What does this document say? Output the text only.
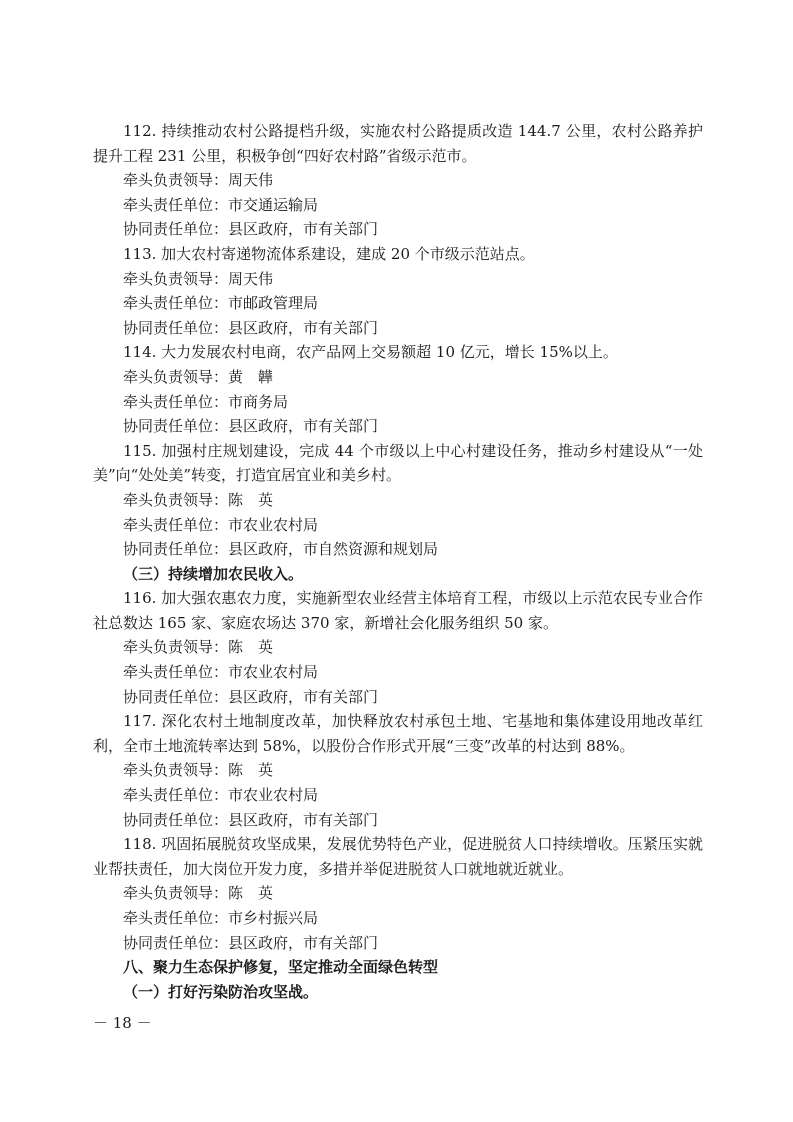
112. 持续推动农村公路提档升级，实施农村公路提质改造 144.7 公里，农村公路养护提升工程 231 公里，积极争创“四好农村路”省级示范市。
牵头负责领导：周天伟
牵头责任单位：市交通运输局
协同责任单位：县区政府，市有关部门
113. 加大农村寄递物流体系建设，建成 20 个市级示范站点。
牵头负责领导：周天伟
牵头责任单位：市邮政管理局
协同责任单位：县区政府，市有关部门
114. 大力发展农村电商，农产品网上交易额超 10 亿元，增长 15%以上。
牵头负责领导：黄　韡
牵头责任单位：市商务局
协同责任单位：县区政府，市有关部门
115. 加强村庄规划建设，完成 44 个市级以上中心村建设任务，推动乡村建设从“一处美”向“处处美”转变，打造宜居宜业和美乡村。
牵头负责领导：陈　英
牵头责任单位：市农业农村局
协同责任单位：县区政府，市自然资源和规划局
（三）持续增加农民收入。
116. 加大强农惠农力度，实施新型农业经营主体培育工程，市级以上示范农民专业合作社总数达 165 家、家庭农场达 370 家，新增社会化服务组织 50 家。
牵头负责领导：陈　英
牵头责任单位：市农业农村局
协同责任单位：县区政府，市有关部门
117. 深化农村土地制度改革，加快释放农村承包土地、宅基地和集体建设用地改革红利，全市土地流转率达到 58%，以股份合作形式开展“三变”改革的村达到 88%。
牵头负责领导：陈　英
牵头责任单位：市农业农村局
协同责任单位：县区政府，市有关部门
118. 巩固拓展脱贫攻坚成果，发展优势特色产业，促进脱贫人口持续增收。压紧压实就业帮扶责任，加大岗位开发力度，多措并举促进脱贫人口就地就近就业。
牵头负责领导：陈　英
牵头责任单位：市乡村振兴局
协同责任单位：县区政府，市有关部门
八、聚力生态保护修复，坚定推动全面绿色转型
（一）打好污染防治攻坚战。
－ 18 －
